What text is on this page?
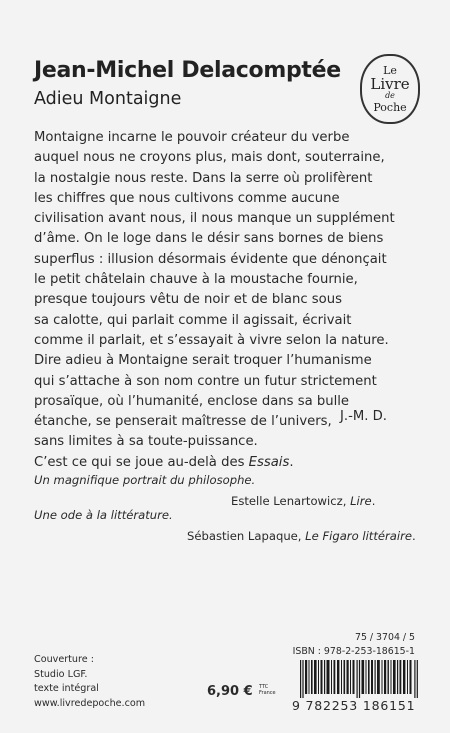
Jean-Michel Delacomptée
Adieu Montaigne
Le
Livre
de
Poche

Montaigne incarne le pouvoir créateur du verbe

auquel nous ne croyons plus, mais dont, souterraine,

la nostalgie nous reste. Dans la serre où prolifèrent

les chiffres que nous cultivons comme aucune

civilisation avant nous, il nous manque un supplément

d’âme. On le loge dans le désir sans bornes de biens

superflus : illusion désormais évidente que dénonçait

le petit châtelain chauve à la moustache fournie,

presque toujours vêtu de noir et de blanc sous

sa calotte, qui parlait comme il agissait, écrivait

comme il parlait, et s’essayait à vivre selon la nature.

Dire adieu à Montaigne serait troquer l’humanisme

qui s’attache à son nom contre un futur strictement

prosaïque, où l’humanité, enclose dans sa bulle

étanche, se penserait maîtresse de l’univers,

sans limites à sa toute-puissance.

C’est ce qui se joue au-delà des Essais.

J.-M. D.
Un magnifique portrait du philosophe.
Estelle Lenartowicz, Lire.
Une ode à la littérature.
Sébastien Lapaque, Le Figaro littéraire.
Couverture :
Studio LGF.
texte intégral
www.livredepoche.com
6,90 € TTC
France
75 / 3704 / 5
ISBN : 978-2-253-18615-1
9 782253 186151
